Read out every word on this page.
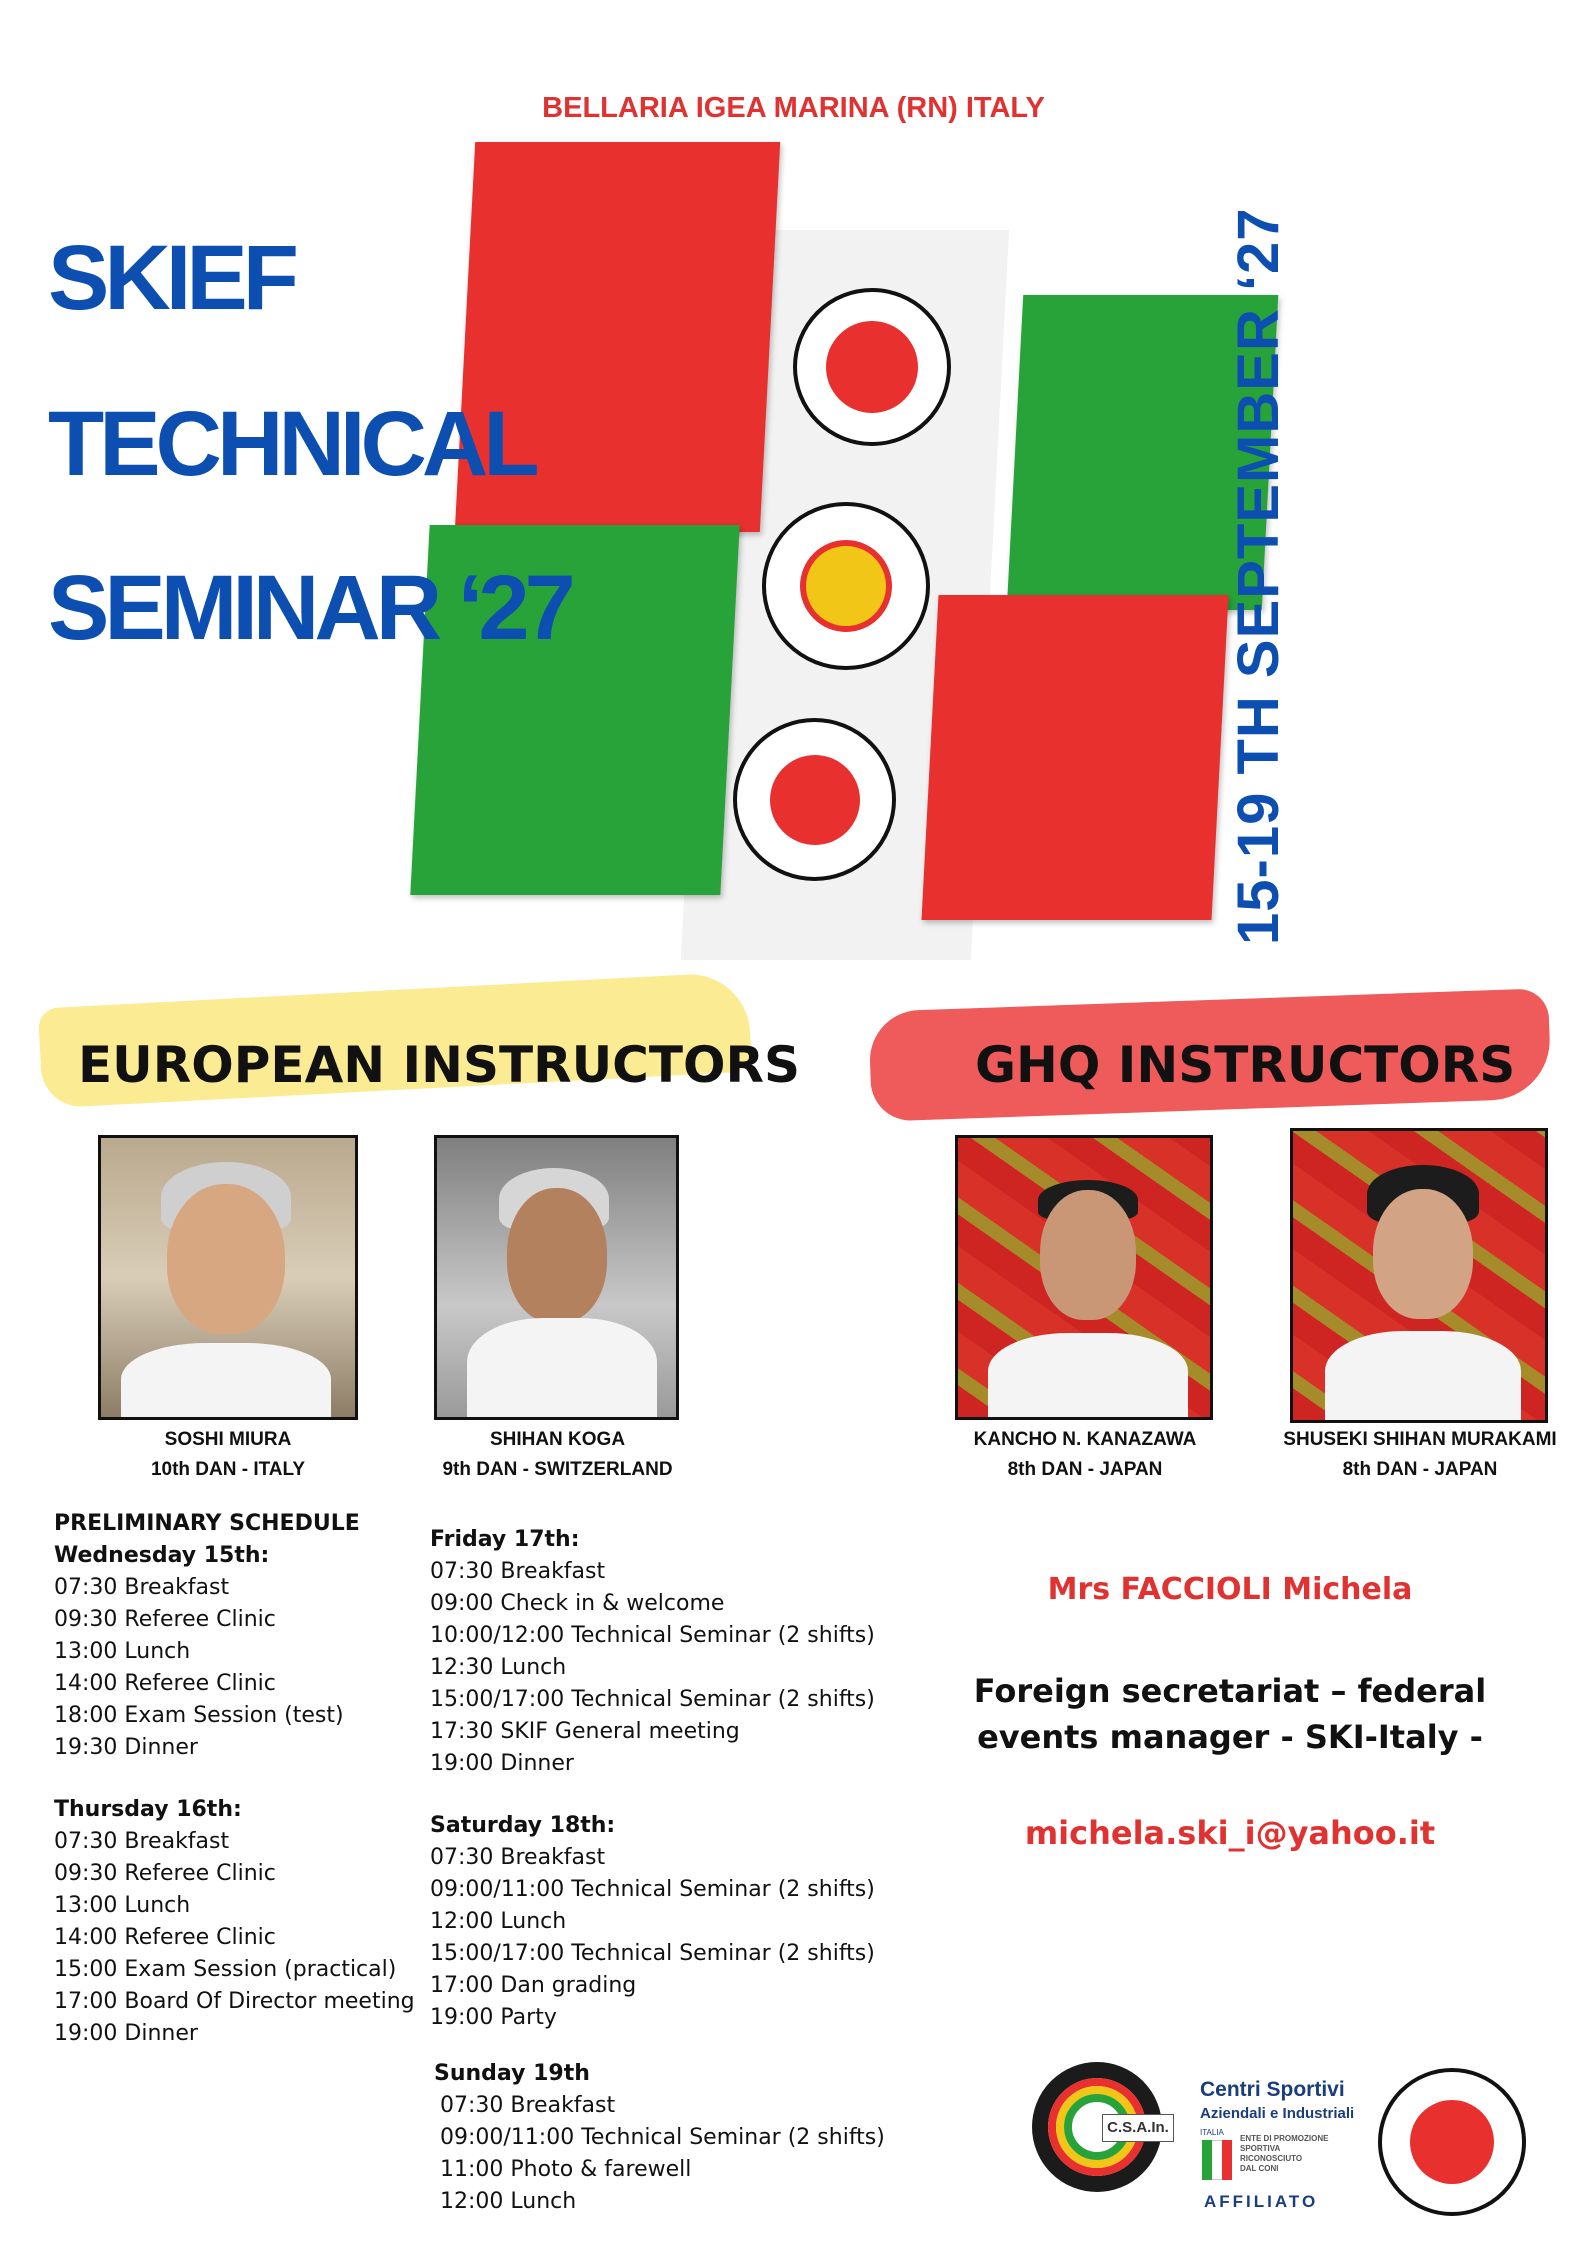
BELLARIA IGEA MARINA (RN) ITALY
SKIEF
TECHNICAL
SEMINAR ‘27	15-19 TH SEPTEMBER ‘27
EUROPEAN INSTRUCTORS	GHQ INSTRUCTORS
SOSHI MIURA
10th DAN - ITALY
SHIHAN KOGA
9th DAN - SWITZERLAND
KANCHO N. KANAZAWA
8th DAN - JAPAN
SHUSEKI SHIHAN MURAKAMI
8th DAN - JAPAN
PRELIMINARY SCHEDULE
Wednesday 15th:
07:30 Breakfast
09:30 Referee Clinic
13:00 Lunch
14:00 Referee Clinic
18:00 Exam Session (test)
19:30 Dinner
Thursday 16th:
07:30 Breakfast
09:30 Referee Clinic
13:00 Lunch
14:00 Referee Clinic
15:00 Exam Session (practical)
17:00 Board Of Director meeting
19:00 Dinner
Friday 17th:
07:30 Breakfast
09:00 Check in & welcome
10:00/12:00 Technical Seminar (2 shifts)
12:30 Lunch
15:00/17:00 Technical Seminar (2 shifts)
17:30 SKIF General meeting
19:00 Dinner
Saturday 18th:
07:30 Breakfast
09:00/11:00 Technical Seminar (2 shifts)
12:00 Lunch
15:00/17:00 Technical Seminar (2 shifts)
17:00 Dan grading
19:00 Party
Sunday 19th
07:30 Breakfast
09:00/11:00 Technical Seminar (2 shifts)
11:00 Photo & farewell
12:00 Lunch
Mrs FACCIOLI Michela
Foreign secretariat – federal
events manager - SKI-Italy -
michela.ski_i@yahoo.it
C.S.A.In.
Centri Sportivi
Aziendali e Industriali
ITALIA
ENTE DI PROMOZIONE
SPORTIVA
RICONOSCIUTO
DAL CONI
AFFILIATO
